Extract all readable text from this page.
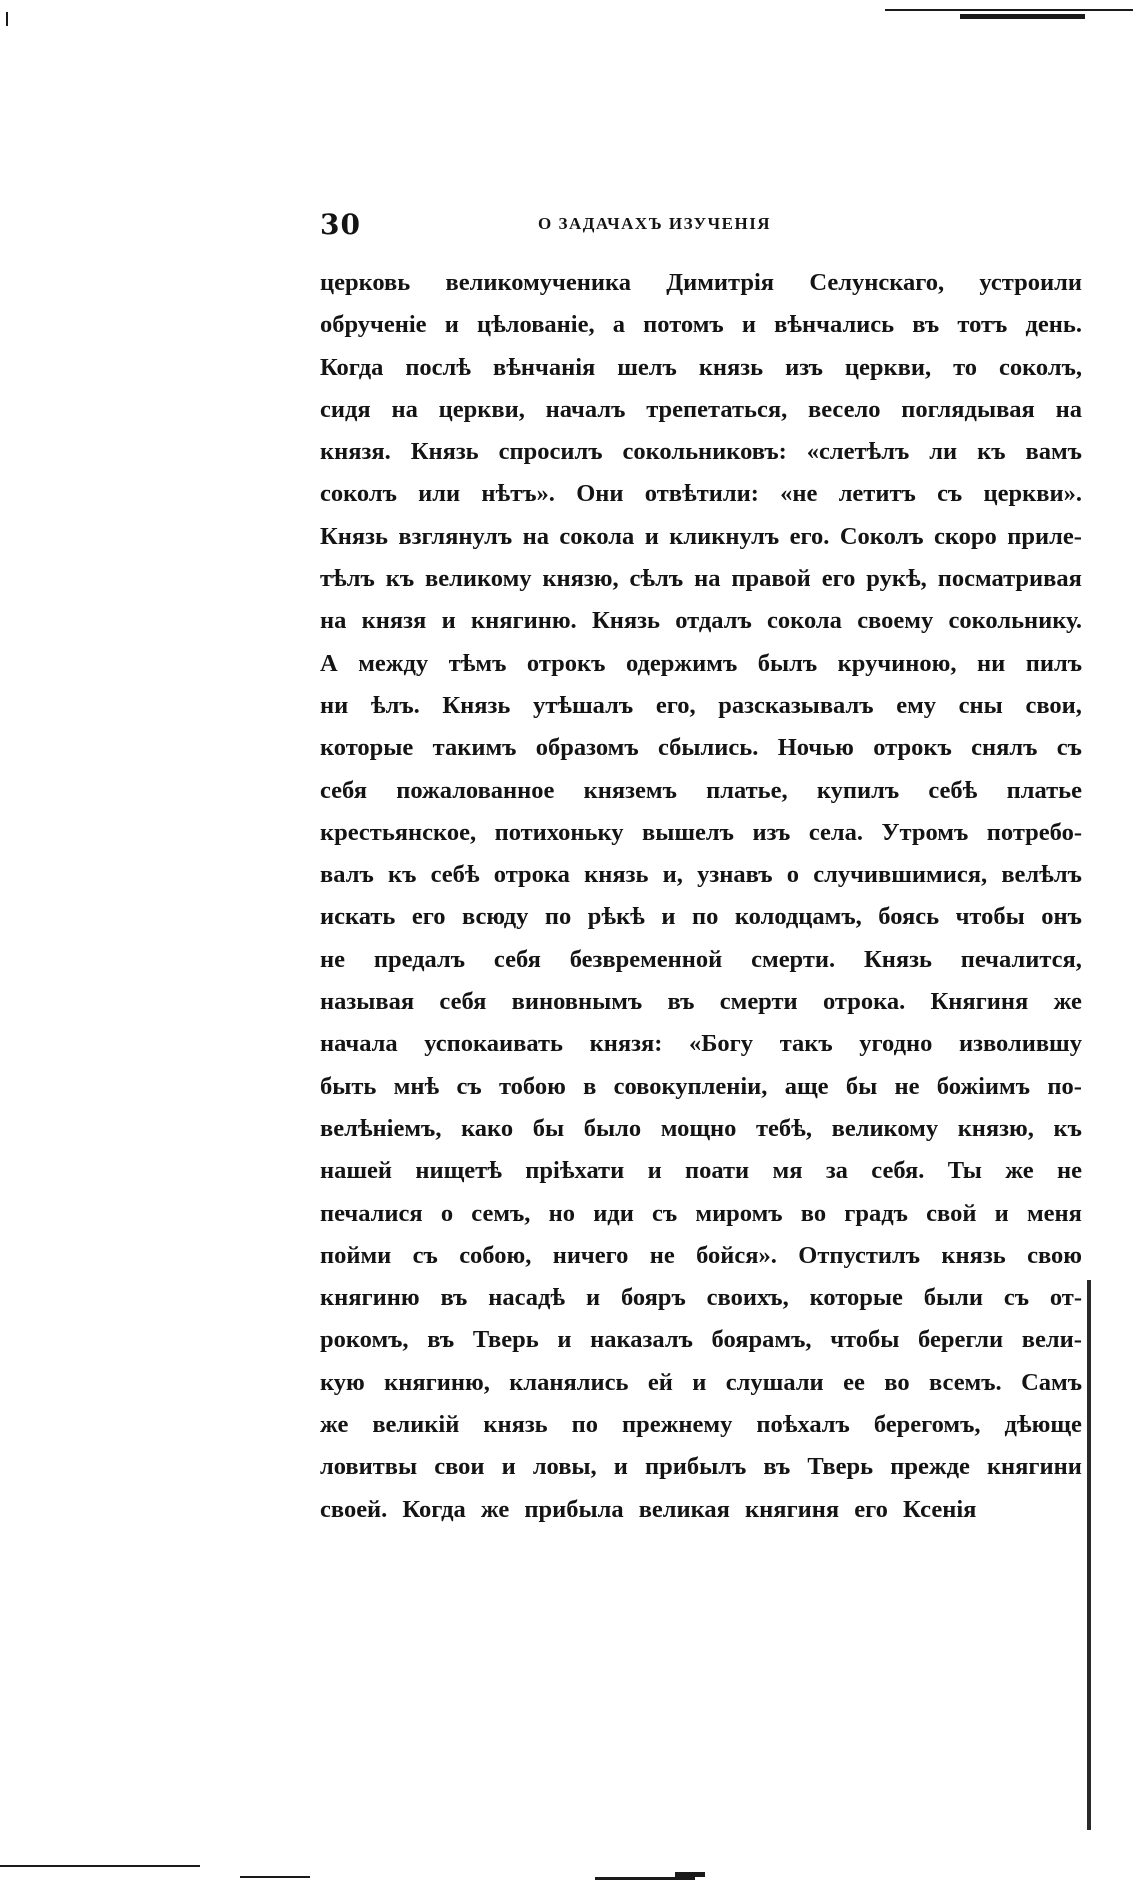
30	О ЗАДАЧАХЪ ИЗУЧЕНІЯ
церковь великомученика Димитрія Селунскаго, устроили
обрученіе и цѣлованіе, а потомъ и вѣнчались въ тотъ день.
Когда послѣ вѣнчанія шелъ князь изъ церкви, то соколъ,
сидя на церкви, началъ трепетаться, весело поглядывая на
князя. Князь спросилъ сокольниковъ: «слетѣлъ ли къ вамъ
соколъ или нѣтъ». Они отвѣтили: «не летитъ съ церкви».
Князь взглянулъ на сокола и кликнулъ его. Соколъ скоро приле-
тѣлъ къ великому князю, сѣлъ на правой его рукѣ, посматривая
на князя и княгиню. Князь отдалъ сокола своему сокольнику.
А между тѣмъ отрокъ одержимъ былъ кручиною, ни пилъ
ни ѣлъ. Князь утѣшалъ его, разсказывалъ ему сны свои,
которые такимъ образомъ сбылись. Ночью отрокъ снялъ съ
себя пожалованное княземъ платье, купилъ себѣ платье
крестьянское, потихоньку вышелъ изъ села. Утромъ потребо-
валъ къ себѣ отрока князь и, узнавъ о случившимися, велѣлъ
искать его всюду по рѣкѣ и по колодцамъ, боясь чтобы онъ
не предалъ себя безвременной смерти. Князь печалится,
называя себя виновнымъ въ смерти отрока. Княгиня же
начала успокаивать князя: «Богу такъ угодно изволившу
быть мнѣ съ тобою в совокупленіи, аще бы не божіимъ по-
велѣніемъ, како бы было мощно тебѣ, великому князю, къ
нашей нищетѣ пріѣхати и поати мя за себя. Ты же не
печалися о семъ, но иди съ миромъ во градъ свой и меня
пойми съ собою, ничего не бойся». Отпустилъ князь свою
княгиню въ насадѣ и бояръ своихъ, которые были съ от-
рокомъ, въ Тверь и наказалъ боярамъ, чтобы берегли вели-
кую княгиню, кланялись ей и слушали ее во всемъ. Самъ
же великій князь по прежнему поѣхалъ берегомъ, дѣюще
ловитвы свои и ловы, и прибылъ въ Тверь прежде княгини
своей. Когда же прибыла великая княгиня его Ксенія
